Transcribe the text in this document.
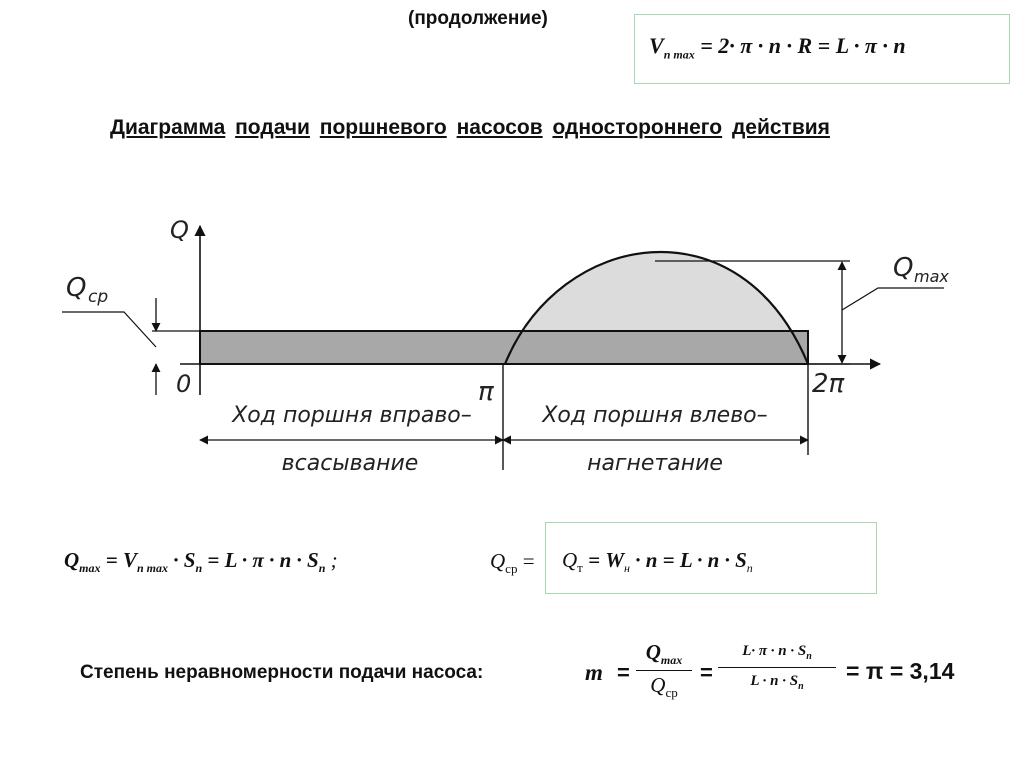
(продолжение)
$V_{п max} = 2\cdot \pi \cdot n \cdot R = L \cdot \pi \cdot n$
Диаграмма подачи поршневого насосов одностороннего действия
Q
0	π	2π
Q ср
Q max
Ход поршня вправо–
всасывание
Ход поршня влево–
нагнетание
$Q_{max} = V_{п max} \cdot S_п = L \cdot \pi \cdot n \cdot S_п$ ;	$Q_{ср} = Q_т = W_н \cdot n = L \cdot n \cdot S_п$
Степень неравномерности подачи насоса:	m =
$Q_{max}$
$Q_{ср}$
=
$L\cdot \pi \cdot n \cdot S_п$
$L \cdot n \cdot S_п$
= π = 3,14
